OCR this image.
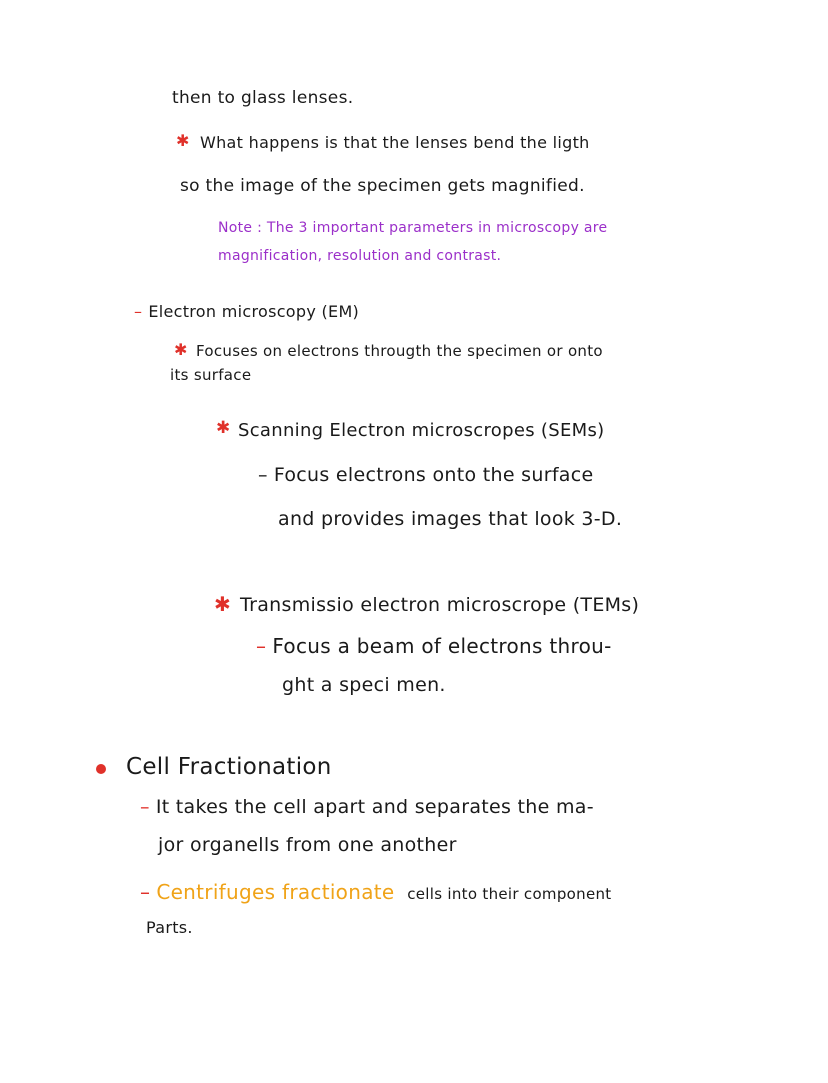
then to glass lenses.
✱ What happens is that the lenses bend the ligth
so the image of the specimen gets magnified.
Note : The 3 important parameters in microscopy are
magnification, resolution and contrast.
– Electron microscopy (EM)
✱ Focuses on electrons througth the specimen or onto
its surface
✱ Scanning Electron microscropes (SEMs)
– Focus electrons onto the surface
and provides images that look 3-D.
✱ Transmissio electron microscrope (TEMs)
– Focus a beam of electrons throu-
ght a speci men.
Cell Fractionation
– It takes the cell apart and separates the ma-
jor organells from one another
– Centrifuges fractionate cells into their component
Parts.
